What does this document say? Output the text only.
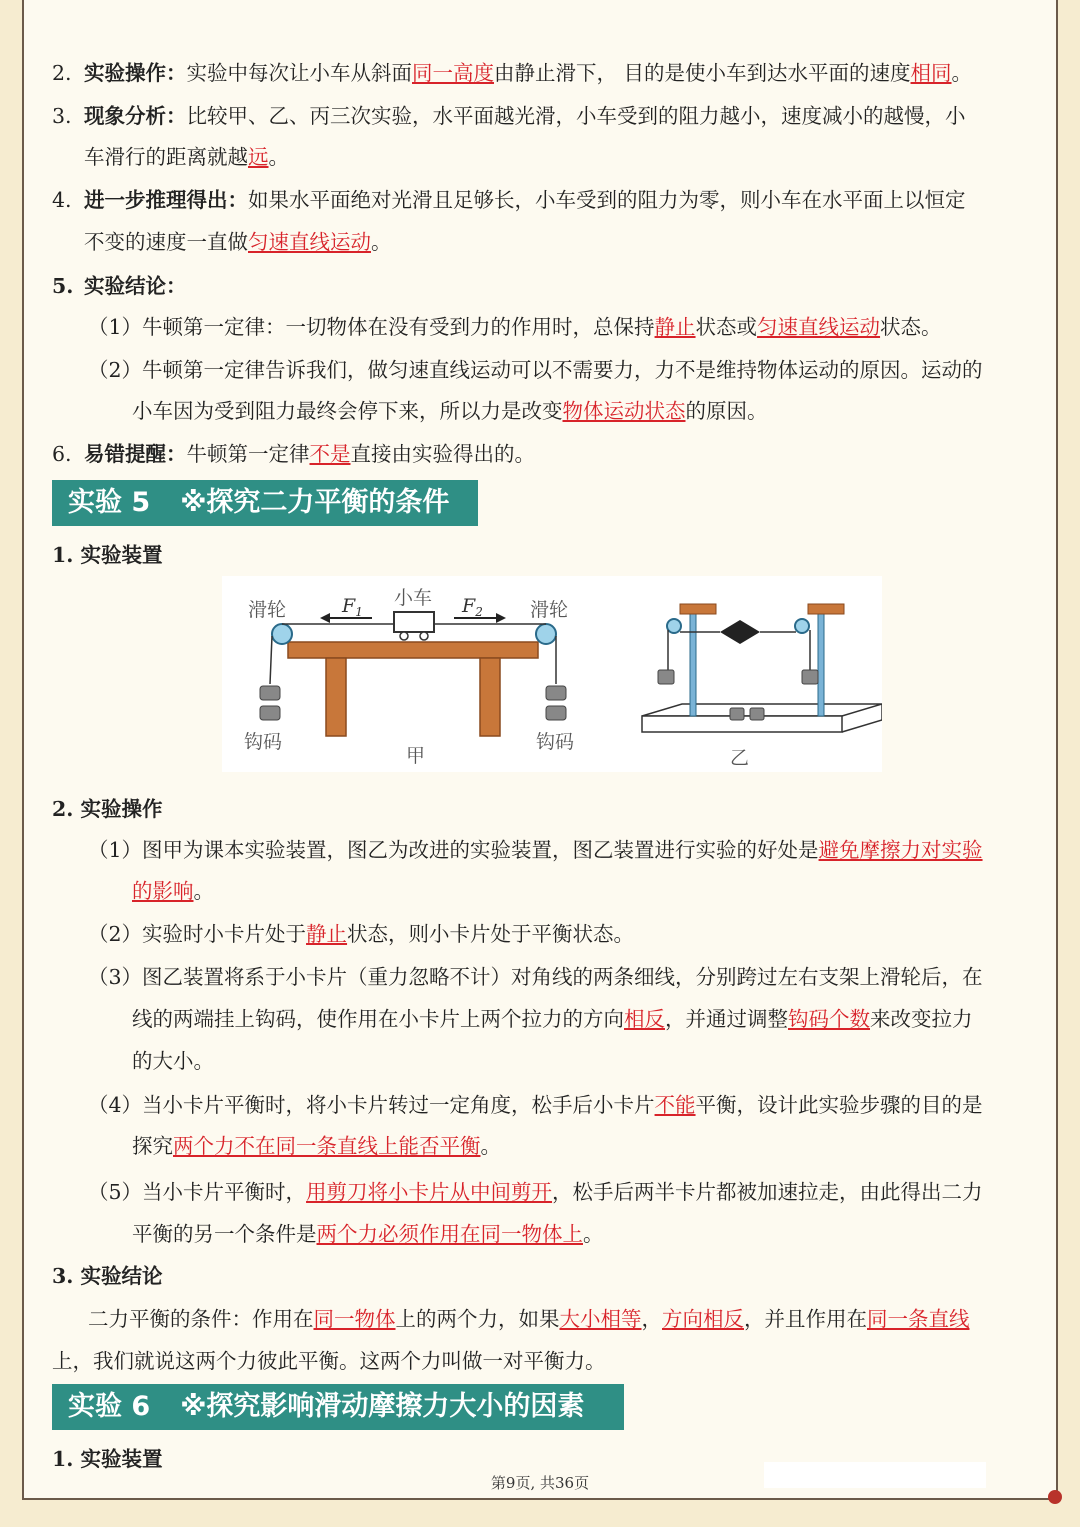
2. 实验操作：实验中每次让小车从斜面同一高度由静止滑下， 目的是使小车到达水平面的速度相同。
3. 现象分析：比较甲、乙、丙三次实验，水平面越光滑，小车受到的阻力越小，速度减小的越慢，小
车滑行的距离就越远。
4. 进一步推理得出：如果水平面绝对光滑且足够长，小车受到的阻力为零，则小车在水平面上以恒定
不变的速度一直做匀速直线运动。
5. 实验结论：
（1）牛顿第一定律：一切物体在没有受到力的作用时，总保持静止状态或匀速直线运动状态。
（2）牛顿第一定律告诉我们，做匀速直线运动可以不需要力，力不是维持物体运动的原因。运动的
小车因为受到阻力最终会停下来，所以力是改变物体运动状态的原因。
6. 易错提醒：牛顿第一定律不是直接由实验得出的。
实验 5 ※探究二力平衡的条件
1. 实验装置
滑轮	滑轮
小车
$F_1$	$F_2$
钩码	钩码
甲	乙
2. 实验操作
（1）图甲为课本实验装置，图乙为改进的实验装置，图乙装置进行实验的好处是避免摩擦力对实验
的影响。
（2）实验时小卡片处于静止状态，则小卡片处于平衡状态。
（3）图乙装置将系于小卡片（重力忽略不计）对角线的两条细线，分别跨过左右支架上滑轮后，在
线的两端挂上钩码，使作用在小卡片上两个拉力的方向相反，并通过调整钩码个数来改变拉力
的大小。
（4）当小卡片平衡时，将小卡片转过一定角度，松手后小卡片不能平衡，设计此实验步骤的目的是
探究两个力不在同一条直线上能否平衡。
（5）当小卡片平衡时，用剪刀将小卡片从中间剪开，松手后两半卡片都被加速拉走，由此得出二力
平衡的另一个条件是两个力必须作用在同一物体上。
3. 实验结论
二力平衡的条件：作用在同一物体上的两个力，如果大小相等，方向相反，并且作用在同一条直线
上，我们就说这两个力彼此平衡。这两个力叫做一对平衡力。
实验 6 ※探究影响滑动摩擦力大小的因素
1. 实验装置
第9页, 共36页
